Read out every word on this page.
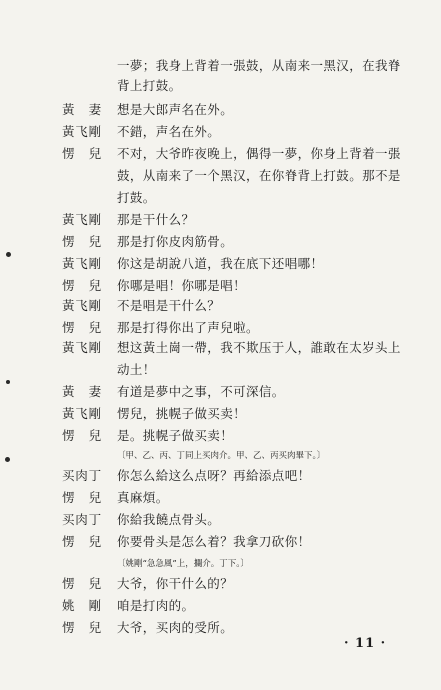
一夢；我身上背着一張鼓，从南来一黑汉，在我脊
背上打鼓。
黃　妻	想是大郎声名在外。
黃飞剛	不錯，声名在外。
愣　兒	不对，大爷昨夜晚上，偶得一夢，你身上背着一張
鼓，从南来了一个黑汉，在你脊背上打鼓。那不是
打鼓。
黃飞剛	那是干什么？
愣　兒	那是打你皮肉筋骨。
黃飞剛	你这是胡說八道，我在底下还唱哪！
愣　兒	你哪是唱！你哪是唱！
黃飞剛	不是唱是干什么？
愣　兒	那是打得你出了声兒啦。
黃飞剛	想这黃土崗一帶，我不欺压于人，誰敢在太岁头上
动土！
黃　妻	有道是夢中之事，不可深信。
黃飞剛	愣兒，挑幌子做买卖！
愣　兒	是。挑幌子做买卖！
〔甲、乙、丙、丁同上买肉介。甲、乙、丙买肉畢下。〕
买肉丁	你怎么給这么点呀？再給添点吧！
愣　兒	真麻煩。
买肉丁	你給我饒点骨头。
愣　兒	你要骨头是怎么着？我拿刀砍你！
〔姚剛“急急風”上，攔介。丁下。〕
愣　兒	大爷，你干什么的？
姚　剛	咱是打肉的。
愣　兒	大爷，买肉的受所。
· 11 ·
